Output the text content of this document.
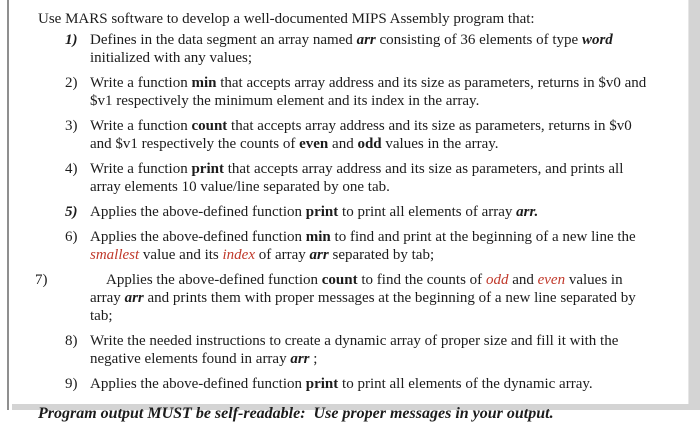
Use MARS software to develop a well-documented MIPS Assembly program that:

1) Defines in the data segment an array named arr consisting of 36 elements of type word initialized with any values;
2) Write a function min that accepts array address and its size as parameters, returns in $v0 and $v1 respectively the minimum element and its index in the array.
3) Write a function count that accepts array address and its size as parameters, returns in $v0 and $v1 respectively the counts of even and odd values in the array.
4) Write a function print that accepts array address and its size as parameters, and prints all array elements 10 value/line separated by one tab.
5) Applies the above-defined function print to print all elements of array arr.
6) Applies the above-defined function min to find and print at the beginning of a new line the smallest value and its index of array arr separated by tab;
7)	Applies the above-defined function count to find the counts of odd and even values in array arr and prints them with proper messages at the beginning of a new line separated by tab;
8) Write the needed instructions to create a dynamic array of proper size and fill it with the negative elements found in array arr ;
9) Applies the above-defined function print to print all elements of the dynamic array.

Program output MUST be self-readable:  Use proper messages in your output.
